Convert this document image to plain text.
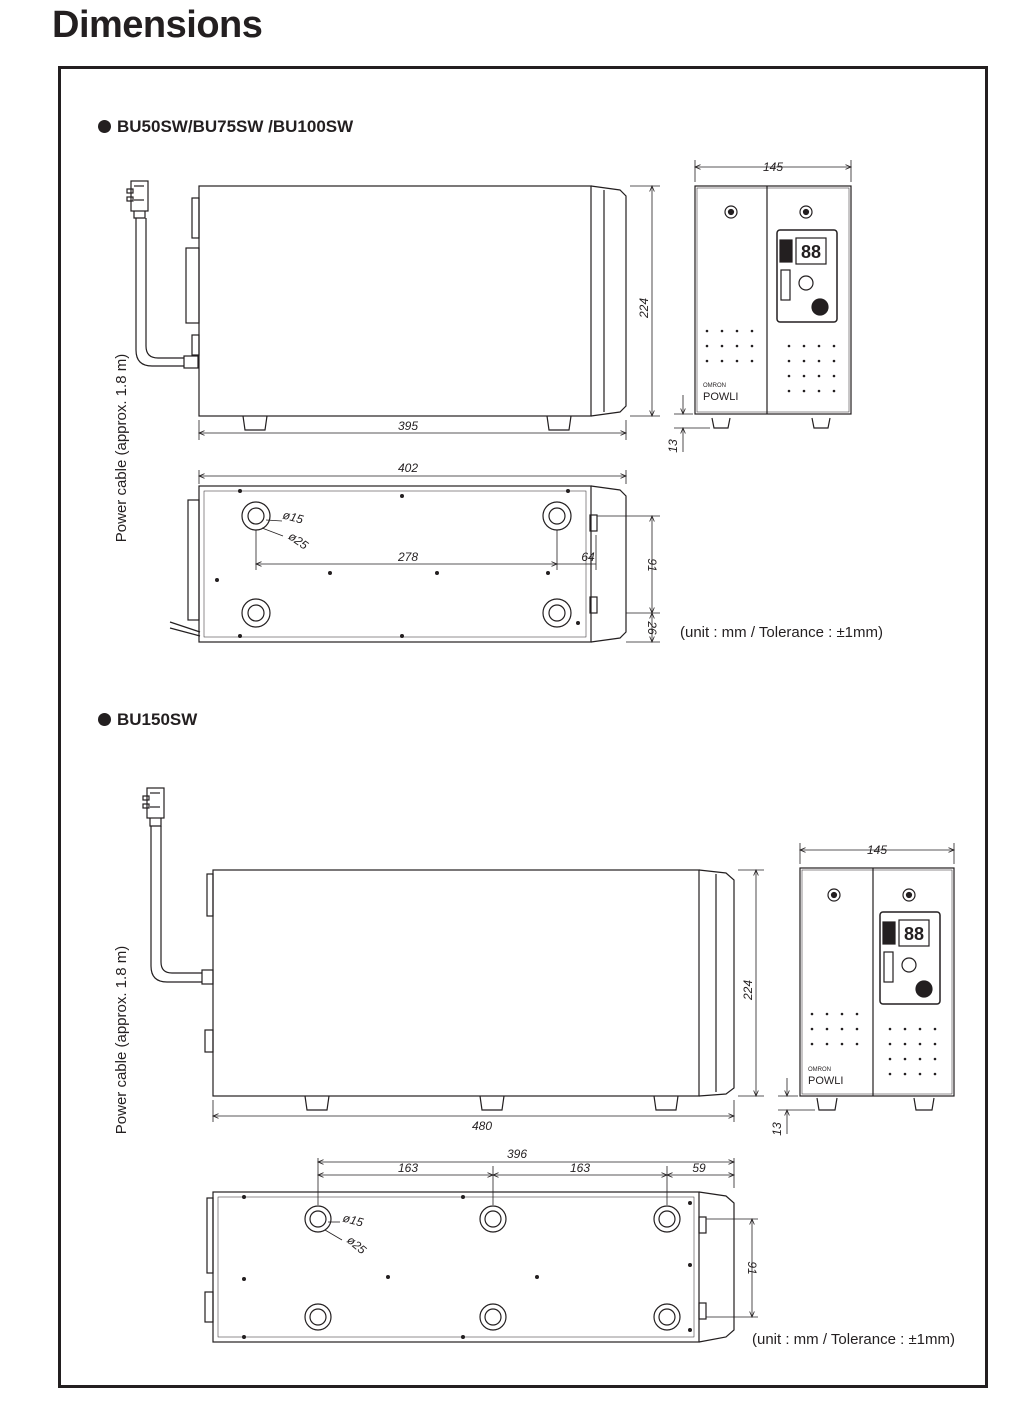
Dimensions
BU50SW/BU75SW /BU100SW
BU150SW
(unit : mm / Tolerance : ±1mm)
(unit : mm / Tolerance : ±1mm)
395
224
Power cable (approx. 1.8 m)
88
OMRON
POWLI
145
13
402
278	64
91
26
ø15
ø25
480
224
Power cable (approx. 1.8 m)
88
OMRON
POWLI
145
13
396
163	163	59
91
ø15
ø25
